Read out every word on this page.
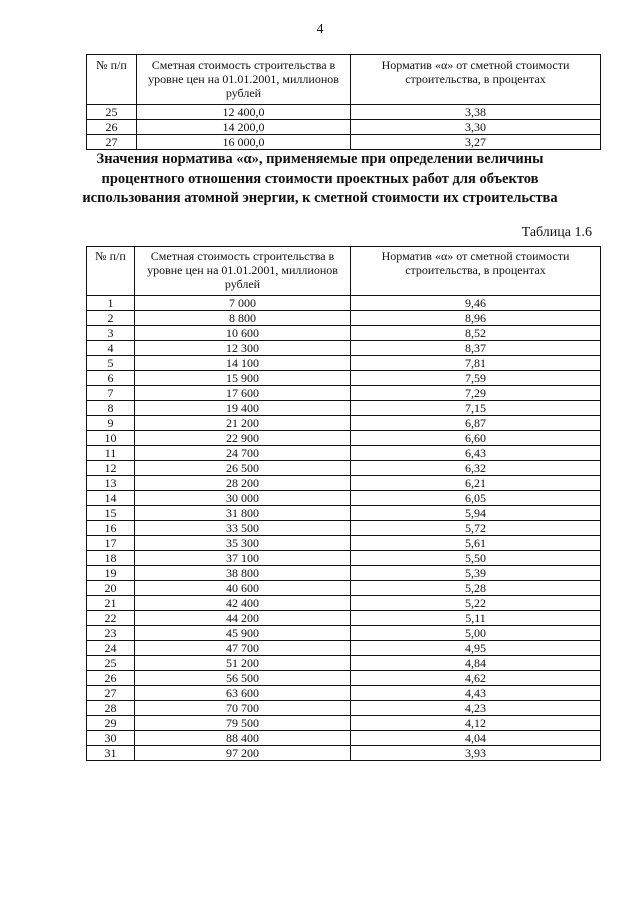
4
№ п/п	Сметная стоимость строительства в уровне цен на 01.01.2001, миллионов рублей	Норматив «α» от сметной стоимости строительства, в процентах
25	12 400,0	3,38
26	14 200,0	3,30
27	16 000,0	3,27
Значения норматива «α», применяемые при определении величины процентного отношения стоимости проектных работ для объектов использования атомной энергии, к сметной стоимости их строительства
Таблица 1.6
№ п/п	Сметная стоимость строительства в уровне цен на 01.01.2001, миллионов рублей	Норматив «α» от сметной стоимости строительства, в процентах
1	7 000	9,46
2	8 800	8,96
3	10 600	8,52
4	12 300	8,37
5	14 100	7,81
6	15 900	7,59
7	17 600	7,29
8	19 400	7,15
9	21 200	6,87
10	22 900	6,60
11	24 700	6,43
12	26 500	6,32
13	28 200	6,21
14	30 000	6,05
15	31 800	5,94
16	33 500	5,72
17	35 300	5,61
18	37 100	5,50
19	38 800	5,39
20	40 600	5,28
21	42 400	5,22
22	44 200	5,11
23	45 900	5,00
24	47 700	4,95
25	51 200	4,84
26	56 500	4,62
27	63 600	4,43
28	70 700	4,23
29	79 500	4,12
30	88 400	4,04
31	97 200	3,93
